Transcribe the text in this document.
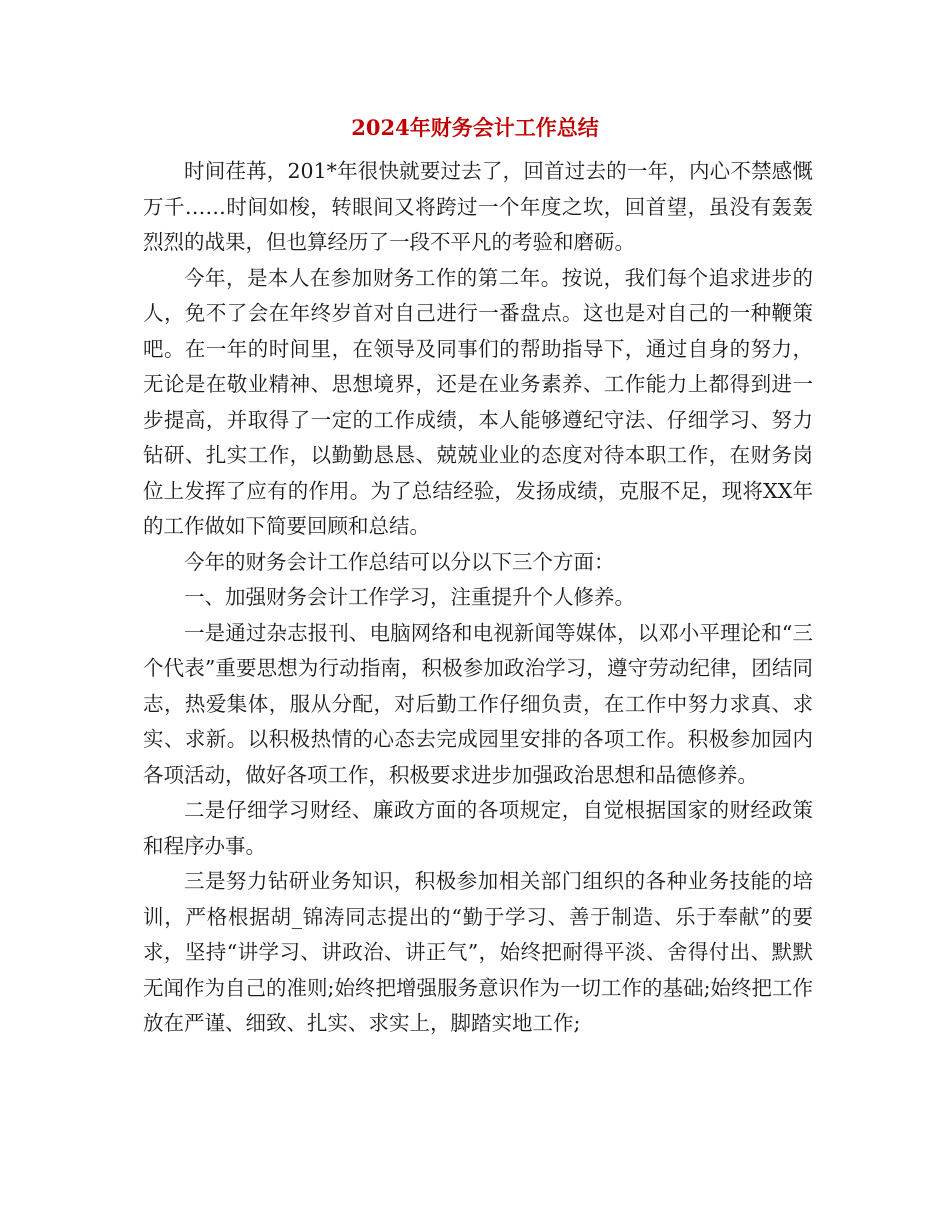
2024年财务会计工作总结

时间荏苒，201*年很快就要过去了，回首过去的一年，内心不禁感慨万千……时间如梭，转眼间又将跨过一个年度之坎，回首望，虽没有轰轰烈烈的战果，但也算经历了一段不平凡的考验和磨砺。

今年，是本人在参加财务工作的第二年。按说，我们每个追求进步的人，免不了会在年终岁首对自己进行一番盘点。这也是对自己的一种鞭策吧。在一年的时间里，在领导及同事们的帮助指导下，通过自身的努力，无论是在敬业精神、思想境界，还是在业务素养、工作能力上都得到进一步提高，并取得了一定的工作成绩，本人能够遵纪守法、仔细学习、努力钻研、扎实工作，以勤勤恳恳、兢兢业业的态度对待本职工作，在财务岗位上发挥了应有的作用。为了总结经验，发扬成绩，克服不足，现将XX年的工作做如下简要回顾和总结。

今年的财务会计工作总结可以分以下三个方面：

一、加强财务会计工作学习，注重提升个人修养。

一是通过杂志报刊、电脑网络和电视新闻等媒体，以邓小平理论和“三个代表”重要思想为行动指南，积极参加政治学习，遵守劳动纪律，团结同志，热爱集体，服从分配，对后勤工作仔细负责，在工作中努力求真、求实、求新。以积极热情的心态去完成园里安排的各项工作。积极参加园内各项活动，做好各项工作，积极要求进步加强政治思想和品德修养。

二是仔细学习财经、廉政方面的各项规定，自觉根据国家的财经政策和程序办事。

三是努力钻研业务知识，积极参加相关部门组织的各种业务技能的培训，严格根据胡_锦涛同志提出的“勤于学习、善于制造、乐于奉献”的要求，坚持“讲学习、讲政治、讲正气”，始终把耐得平淡、舍得付出、默默无闻作为自己的准则;始终把增强服务意识作为一切工作的基础;始终把工作放在严谨、细致、扎实、求实上，脚踏实地工作;
